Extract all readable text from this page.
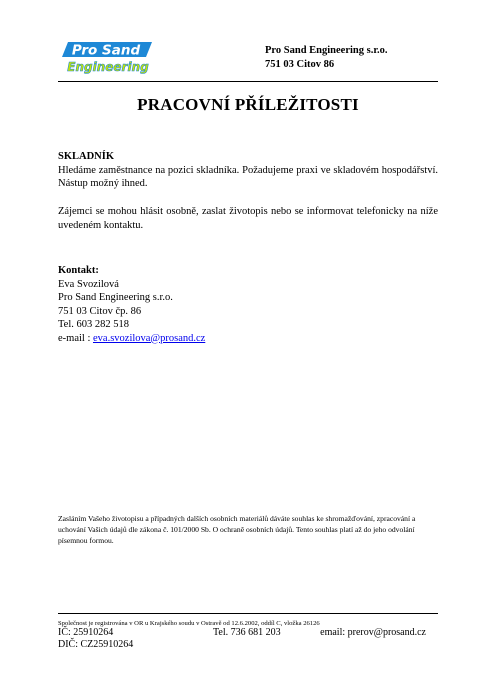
Pro Sand
Engineering
Pro Sand Engineering s.r.o.
751 03 Citov 86
PRACOVNÍ PŘÍLEŽITOSTI

SKLADNÍK

Hledáme zaměstnance na pozici skladníka. Požadujeme praxi ve skladovém hospodářství. Nástup možný ihned.

Zájemci se mohou hlásit osobně, zaslat životopis nebo se informovat telefonicky na níže uvedeném kontaktu.

Kontakt:

Eva Svozilová

Pro Sand Engineering s.r.o.

751 03 Citov čp. 86

Tel. 603 282 518

e-mail : eva.svozilova@prosand.cz

Zasláním Vašeho životopisu a případných dalších osobních materiálů dáváte souhlas ke shromažďování, zpracování a uchování Vašich údajů dle zákona č. 101/2000 Sb. O ochraně osobních údajů. Tento souhlas platí až do jeho odvolání písemnou formou.
Společnost je registrována v OR u Krajského soudu v Ostravě od 12.6.2002, oddíl C, vložka 26126
IČ: 25910264	Tel. 736 681 203	email: prerov@prosand.cz
DIČ: CZ25910264
